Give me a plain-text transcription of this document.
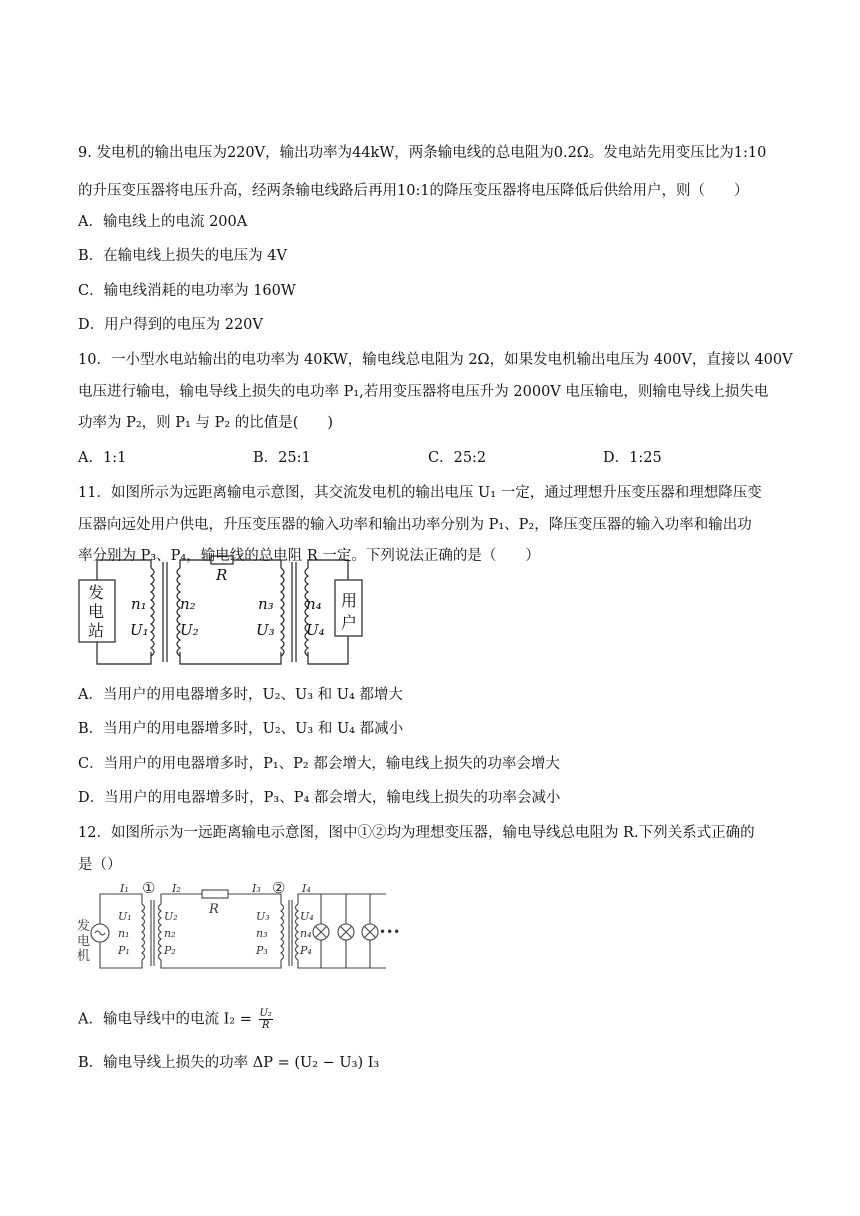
9. 发电机的输出电压为220V，输出功率为44kW，两条输电线的总电阻为0.2Ω。发电站先用变压比为1:10
的升压变压器将电压升高，经两条输电线路后再用10:1的降压变压器将电压降低后供给用户，则（　　）
A．输电线上的电流 200A
B．在输电线上损失的电压为 4V
C．输电线消耗的电功率为 160W
D．用户得到的电压为 220V
10．一小型水电站输出的电功率为 40KW，输电线总电阻为 2Ω，如果发电机输出电压为 400V，直接以 400V
电压进行输电，输电导线上损失的电功率 P₁,若用变压器将电压升为 2000V 电压输电，则输电导线上损失电
功率为 P₂，则 P₁ 与 P₂ 的比值是(　　)
A．1:1	B．25:1	C．25:2	D．1:25
11．如图所示为远距离输电示意图，其交流发电机的输出电压 U₁ 一定，通过理想升压变压器和理想降压变
压器向远处用户供电，升压变压器的输入功率和输出功率分别为 P₁、P₂，降压变压器的输入功率和输出功
率分别为 P₃、P₄，输电线的总电阻 R 一定。下列说法正确的是（　　）
发
电
站
用
户
R
n₁
U₁
n₂
U₂
n₃
U₃
n₄
U₄
A．当用户的用电器增多时，U₂、U₃ 和 U₄ 都增大
B．当用户的用电器增多时，U₂、U₃ 和 U₄ 都减小
C．当用户的用电器增多时，P₁、P₂ 都会增大，输电线上损失的功率会增大
D．当用户的用电器增多时，P₃、P₄ 都会增大，输电线上损失的功率会减小
12．如图所示为一远距离输电示意图，图中①②均为理想变压器，输电导线总电阻为 R.下列关系式正确的
是（）
发
电
机
①	②
R
I₁	I₂	I₃	I₄
U₁
n₁
P₁
U₂
n₂
P₂
U₃
n₃
P₃
U₄
n₄
P₄
•••
A．输电导线中的电流 $I_2 = \frac{\text{U₂}}{R}$
B．输电导线上损失的功率 ΔP = (U₂ − U₃) I₃
